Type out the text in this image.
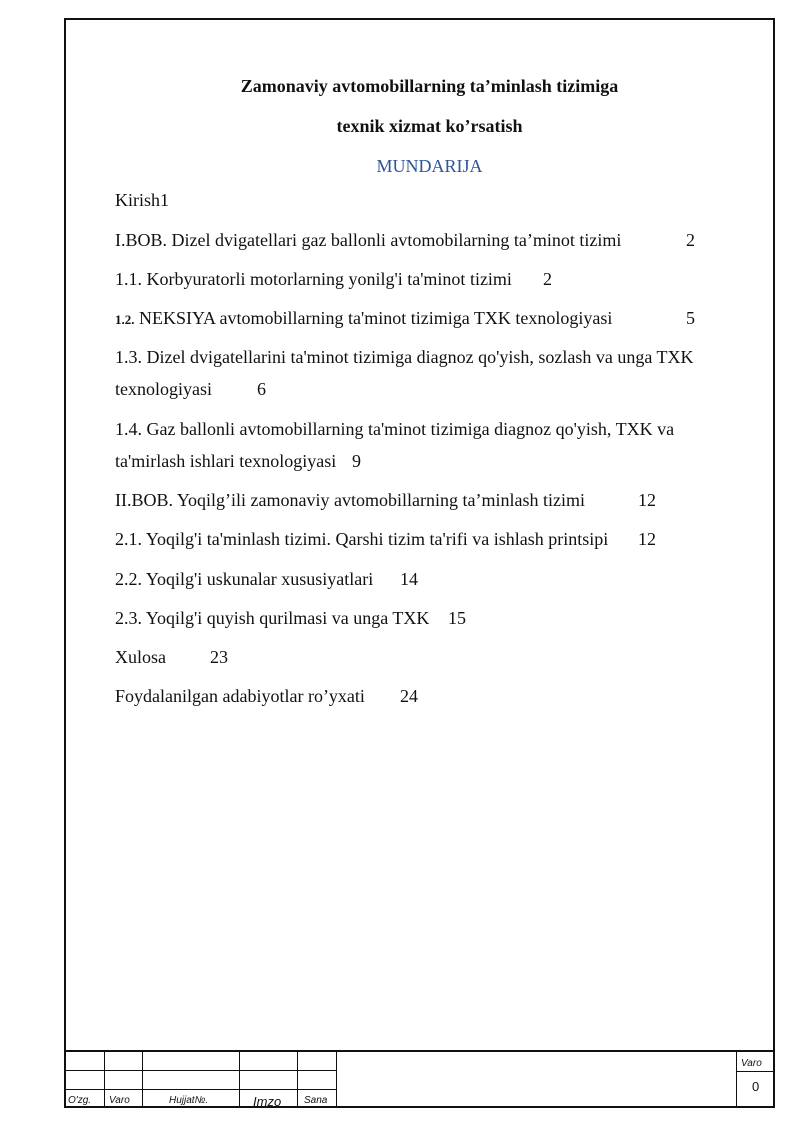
Zamonaviy avtomobillarning ta’minlash tizimiga
texnik xizmat ko’rsatish
MUNDARIJA
Kirish1
I.BOB. Dizel dvigatellari gaz ballonli avtomobilarning ta’minot tizimi	2
1.1. Korbyuratorli motorlarning yonilg'i ta'minot tizimi 2
1.2. NEKSIYA avtomobillarning ta'minot tizimiga TXK texnologiyasi	5
1.3. Dizel dvigatellarini ta'minot tizimiga diagnoz qo'yish, sozlash va unga TXK
texnologiyasi	6
1.4. Gaz ballonli avtomobillarning ta'minot tizimiga diagnoz qo'yish, TXK va
ta'mirlash ishlari texnologiyasi 9
II.BOB. Yoqilg’ili zamonaviy avtomobillarning ta’minlash tizimi	12
2.1. Yoqilg'i ta'minlash tizimi. Qarshi tizim ta'rifi va ishlash printsipi 12
2.2. Yoqilg'i uskunalar xususiyatlari 14
2.3. Yoqilg'i quyish qurilmasi va unga TXK 15
Xulosa 23
Foydalanilgan adabiyotlar ro’yxati 24
O'zg. Varo	Hujjat№.	Imzo Sana
Varo
0
